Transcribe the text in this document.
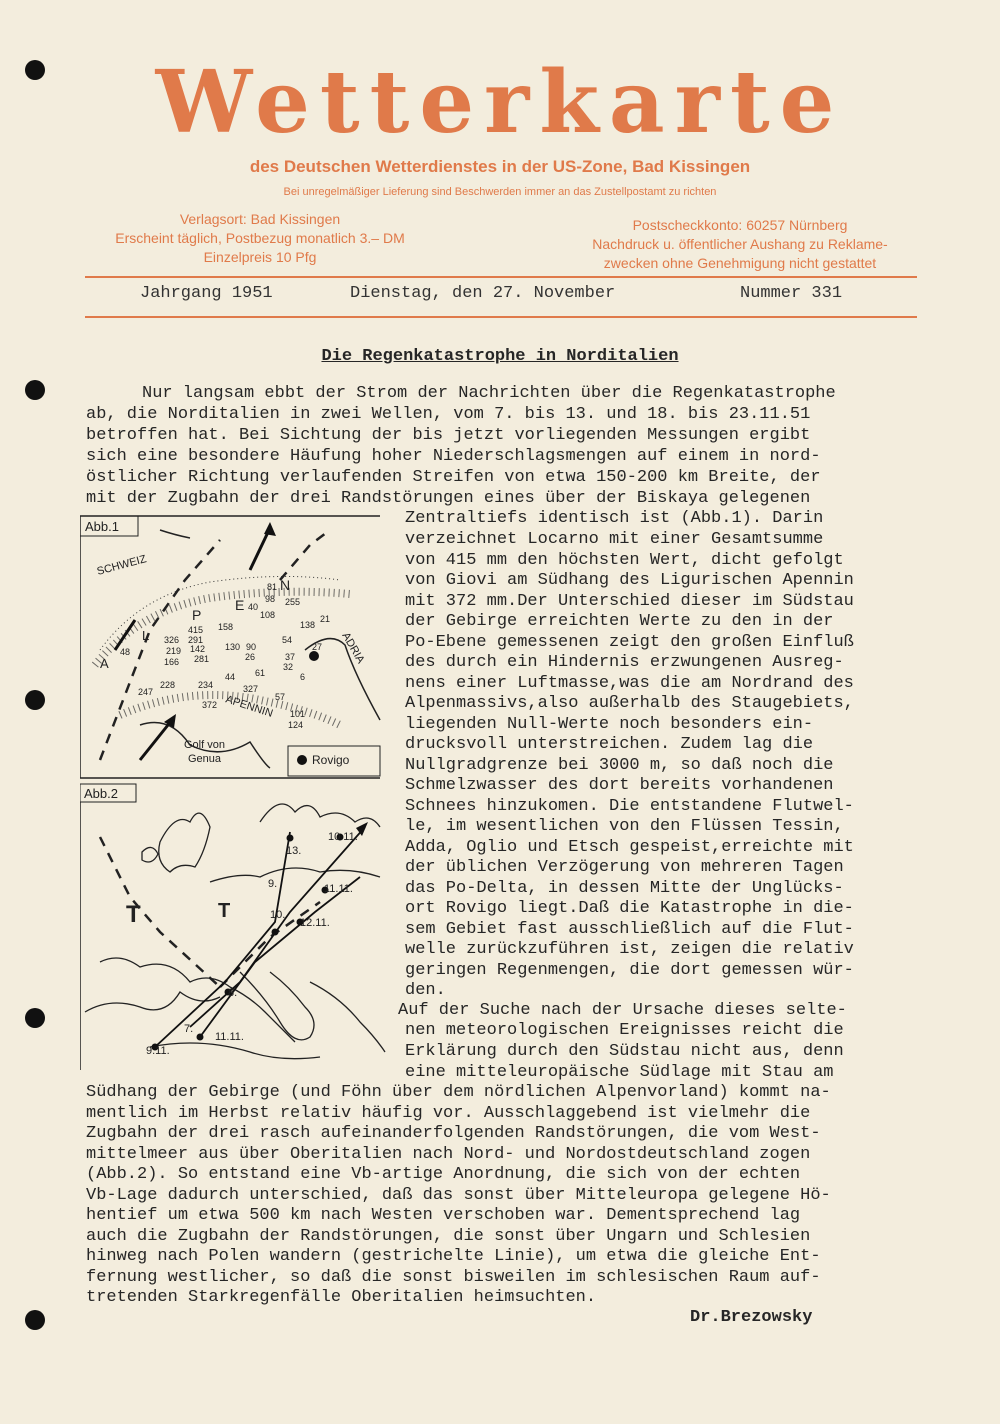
Wetterkarte
des Deutschen Wetterdienstes in der US-Zone, Bad Kissingen
Bei unregelmäßiger Lieferung sind Beschwerden immer an das Zustellpostamt zu richten
Verlagsort: Bad Kissingen
Erscheint täglich, Postbezug monatlich 3.– DM
Einzelpreis 10 Pfg
Postscheckkonto: 60257 Nürnberg
Nachdruck u. öffentlicher Aushang zu Reklame-
zwecken ohne Genehmigung nicht gestattet
Jahrgang 1951	Dienstag, den 27. November	Nummer 331
Die Regenkatastrophe in Norditalien
Nur langsam ebbt der Strom der Nachrichten über die Regenkatastrophe
ab, die Norditalien in zwei Wellen, vom 7. bis 13. und 18. bis 23.11.51
betroffen hat. Bei Sichtung der bis jetzt vorliegenden Messungen ergibt
sich eine besondere Häufung hoher Niederschlagsmengen auf einem in nord-
östlicher Richtung verlaufenden Streifen von etwa 150-200 km Breite, der
mit der Zugbahn der drei Randstörungen eines über der Biskaya gelegenen
Zentraltiefs identisch ist (Abb.1). Darin
verzeichnet Locarno mit einer Gesamtsumme
von 415 mm den höchsten Wert, dicht gefolgt
von Giovi am Südhang des Ligurischen Apennin
mit 372 mm.Der Unterschied dieser im Südstau
der Gebirge erreichten Werte zu den in der
Po-Ebene gemessenen zeigt den großen Einfluß
des durch ein Hindernis erzwungenen Ausreg-
nens einer Luftmasse,was die am Nordrand des
Alpenmassivs,also außerhalb des Staugebiets,
liegenden Null-Werte noch besonders ein-
drucksvoll unterstreichen. Zudem lag die
Nullgradgrenze bei 3000 m, so daß noch die
Schmelzwasser des dort bereits vorhandenen
Schnees hinzukomen. Die entstandene Flutwel-
le, im wesentlichen von den Flüssen Tessin,
Adda, Oglio und Etsch gespeist,erreichte mit
der üblichen Verzögerung von mehreren Tagen
das Po-Delta, in dessen Mitte der Unglücks-
ort Rovigo liegt.Daß die Katastrophe in die-
sem Gebiet fast ausschließlich auf die Flut-
welle zurückzuführen ist, zeigen die relativ
geringen Regenmengen, die dort gemessen wür-
den.
Auf der Suche nach der Ursache dieses selte-
nen meteorologischen Ereignisses reicht die
Erklärung durch den Südstau nicht aus, denn
eine mitteleuropäische Südlage mit Stau am
Südhang der Gebirge (und Föhn über dem nördlichen Alpenvorland) kommt na-
mentlich im Herbst relativ häufig vor. Ausschlaggebend ist vielmehr die
Zugbahn der drei rasch aufeinanderfolgenden Randstörungen, die vom West-
mittelmeer aus über Oberitalien nach Nord- und Nordostdeutschland zogen
(Abb.2). So entstand eine Vb-artige Anordnung, die sich von der echten
Vb-Lage dadurch unterschied, daß das sonst über Mitteleuropa gelegene Hö-
hentief um etwa 500 km nach Westen verschoben war. Dementsprechend lag
auch die Zugbahn der Randstörungen, die sonst über Ungarn und Schlesien
hinweg nach Polen wandern (gestrichelte Linie), um etwa die gleiche Ent-
fernung westlicher, so daß die sonst bisweilen im schlesischen Raum auf-
tretenden Starkregenfälle Oberitalien heimsuchten.
Dr.Brezowsky
Abb.1
SCHWEIZ
A
L
P
E
N
ADRIA
APENNIN
Golf von
Genua	Rovigo
415
291
326
219 142
158
130 90
166 281	26
61
40
98
81
255
108
138
21
54
27
37
32
6
48
228	234
44
247
372
327
101
124
57
Abb.2
T	T
13.
10.11.
9.	11.11.
10.
12.11.
8.
7.
11.11.
9.11.
